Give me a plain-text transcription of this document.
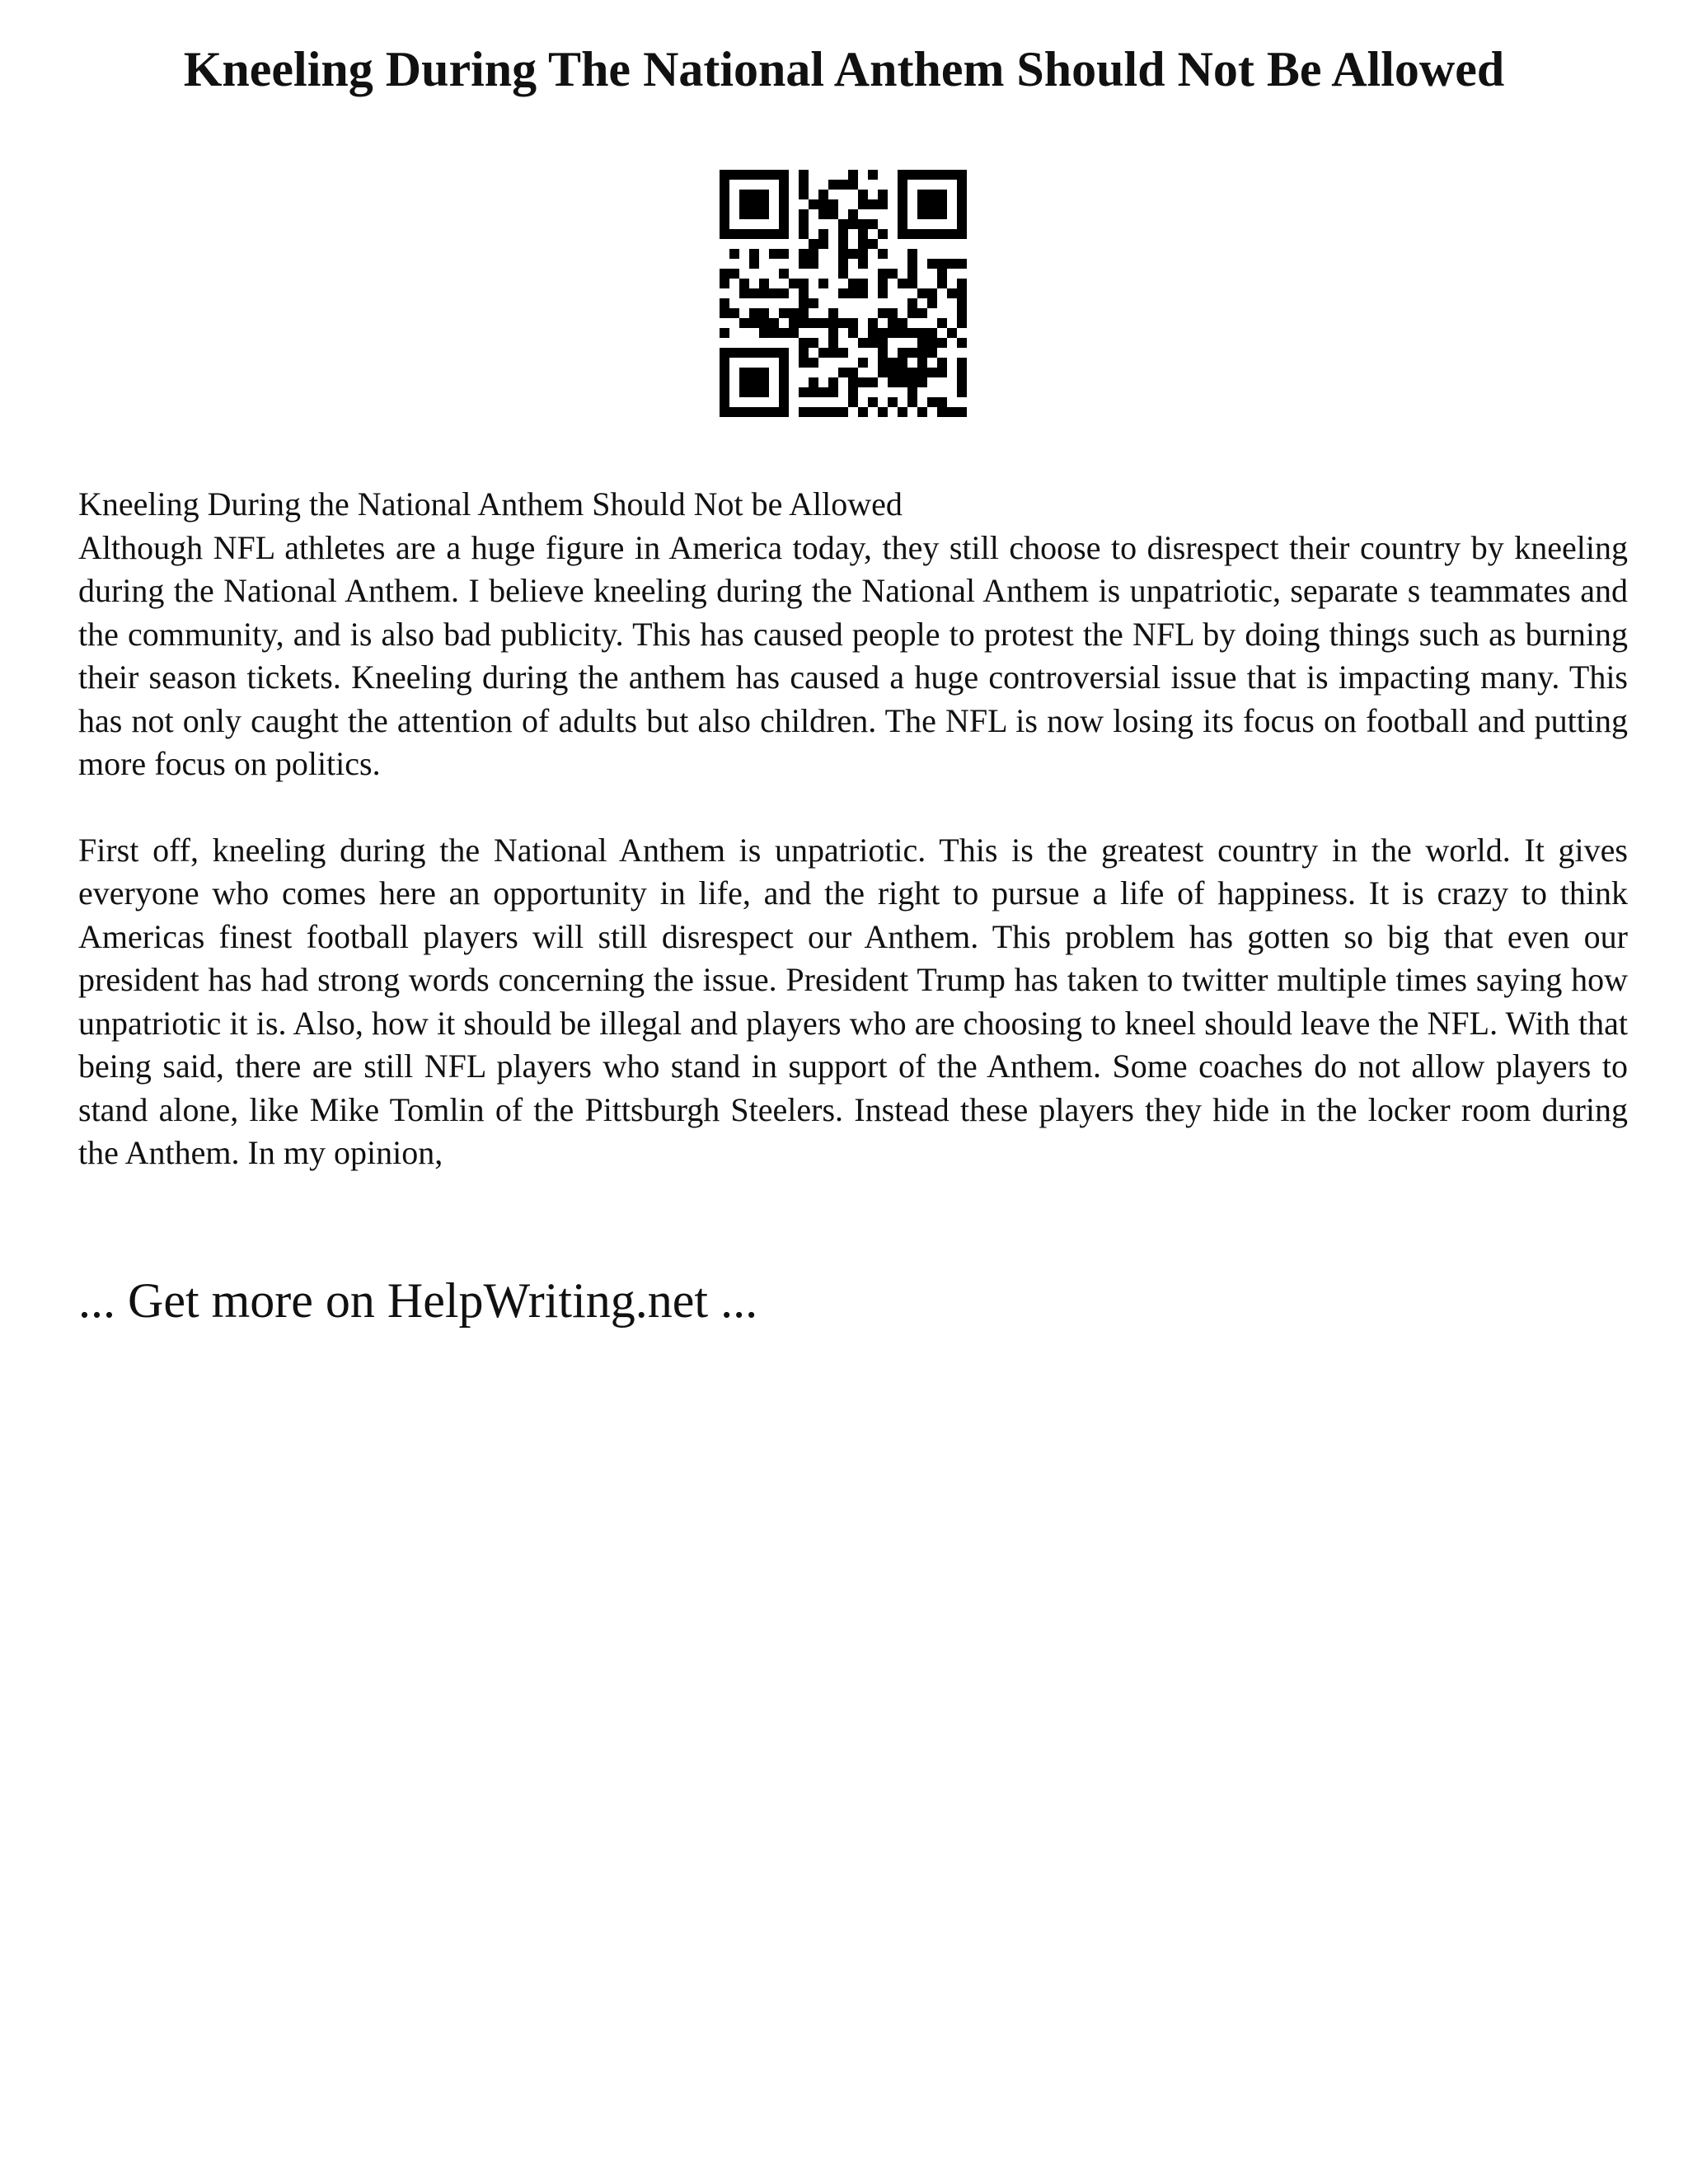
Kneeling During The National Anthem Should Not Be Allowed

Kneeling During the National Anthem Should Not be Allowed

Although NFL athletes are a huge figure in America today, they still choose to disrespect their country by kneeling during the National Anthem. I believe kneeling during the National Anthem is unpatriotic, separate s teammates and the community, and is also bad publicity. This has caused people to protest the NFL by doing things such as burning their season tickets. Kneeling during the anthem has caused a huge controversial issue that is impacting many. This has not only caught the attention of adults but also children. The NFL is now losing its focus on football and putting more focus on politics.

First off, kneeling during the National Anthem is unpatriotic. This is the greatest country in the world. It gives everyone who comes here an opportunity in life, and the right to pursue a life of happiness. It is crazy to think Americas finest football players will still disrespect our Anthem. This problem has gotten so big that even our president has had strong words concerning the issue. President Trump has taken to twitter multiple times saying how unpatriotic it is. Also, how it should be illegal and players who are choosing to kneel should leave the NFL. With that being said, there are still NFL players who stand in support of the Anthem. Some coaches do not allow players to stand alone, like Mike Tomlin of the Pittsburgh Steelers. Instead these players they hide in the locker room during the Anthem. In my opinion,

... Get more on HelpWriting.net ...
